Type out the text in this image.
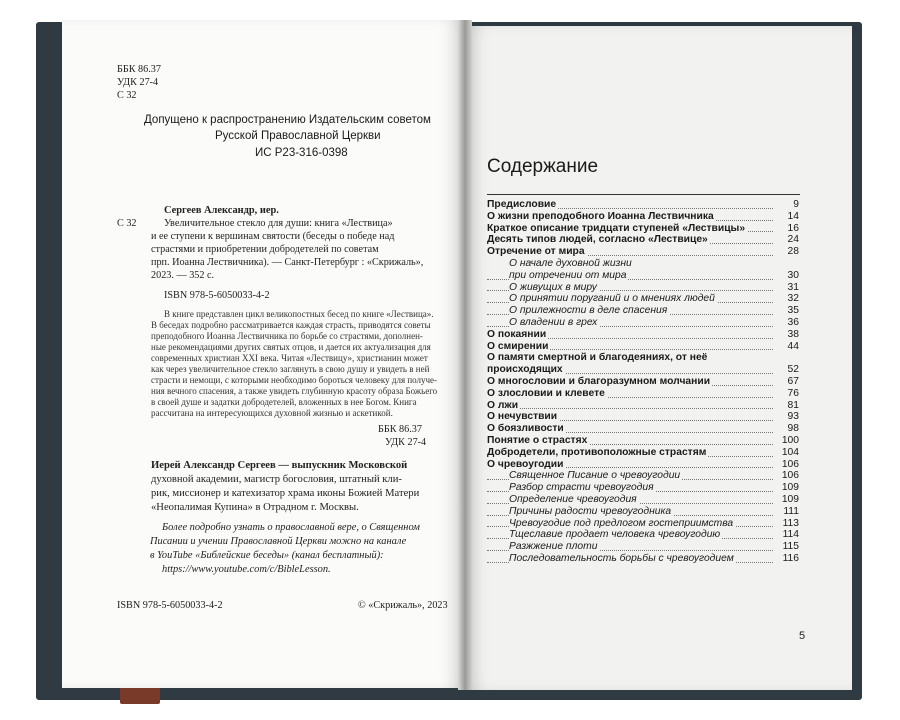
ББК 86.37
УДК 27-4
С 32
Допущено к распространению Издательским советом
Русской Православной Церкви
ИС Р23-316-0398
С 32
Сергеев Александр, иер.
Увеличительное стекло для души: книга «Лествица»
и ее ступени к вершинам святости (беседы о победе над
страстями и приобретении добродетелей по советам
прп. Иоанна Лествичника). — Санкт-Петербург : «Скрижаль»,
2023. — 352 с.
ISBN 978-5-6050033-4-2
В книге представлен цикл великопостных бесед по книге «Лествица».
В беседах подробно рассматривается каждая страсть, приводятся советы
преподобного Иоанна Лествичника по борьбе со страстями, дополнен-
ные рекомендациями других святых отцов, и дается их актуализация для
современных христиан XXI века. Читая «Лествицу», христианин может
как через увеличительное стекло заглянуть в свою душу и увидеть в ней
страсти и немощи, с которыми необходимо бороться человеку для получе-
ния вечного спасения, а также увидеть глубинную красоту образа Божьего
в своей душе и задатки добродетелей, вложенных в нее Богом. Книга
рассчитана на интересующихся духовной жизнью и аскетикой.
ББК 86.37
УДК 27-4
Иерей Александр Сергеев — выпускник Московской
духовной академии, магистр богословия, штатный кли-
рик, миссионер и катехизатор храма иконы Божией Матери
«Неопалимая Купина» в Отрадном г. Москвы.
Более подробно узнать о православной вере, о Священном
Писании и учении Православной Церкви можно на канале
в YouTube «Библейские беседы» (канал бесплатный):
https://www.youtube.com/c/BibleLesson.
ISBN 978-5-6050033-4-2	© «Скрижаль», 2023
Содержание
Предисловие	9
О жизни преподобного Иоанна Лествичника	14
Краткое описание тридцати ступеней «Лествицы»	16
Десять типов людей, согласно «Лествице»	24
Отречение от мира	28
О начале духовной жизни
при отречении от мира	30
О живущих в миру	31
О принятии поруганий и о мнениях людей	32
О прилежности в деле спасения	35
О владении в грех	36
О покаянии	38
О смирении	44
О памяти смертной и благодеяниях, от неё
происходящих	52
О многословии и благоразумном молчании	67
О злословии и клевете	76
О лжи	81
О нечувствии	93
О боязливости	98
Понятие о страстях	100
Добродетели, противоположные страстям	104
О чревоугодии	106
Священное Писание о чревоугодии	106
Разбор страсти чревоугодия	109
Определение чревоугодия	109
Причины радости чревоугодника	111
Чревоугодие под предлогом гостеприимства	113
Тщеславие продает человека чревоугодию	114
Разжжение плоти	115
Последовательность борьбы с чревоугодием	116
5
